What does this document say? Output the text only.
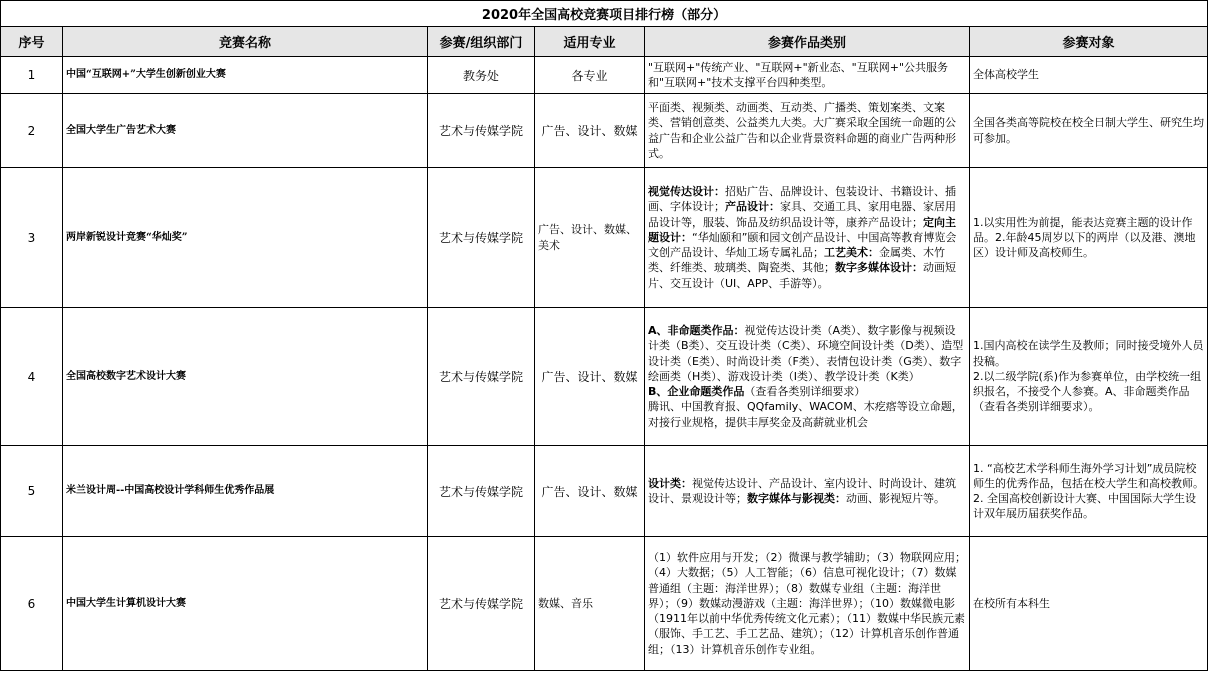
2020年全国高校竞赛项目排行榜（部分）					
序号	竞赛名称	参赛/组织部门	适用专业	参赛作品类别	参赛对象
1	中国“互联网+”大学生创新创业大赛	教务处	各专业	"互联网+"传统产业、"互联网+"新业态、"互联网+"公共服务和"互联网+"技术支撑平台四种类型。	全体高校学生
2	全国大学生广告艺术大赛	艺术与传媒学院	广告、设计、数媒	平面类、视频类、动画类、互动类、广播类、策划案类、文案类、营销创意类、公益类九大类。大广赛采取全国统一命题的公益广告和企业公益广告和以企业背景资料命题的商业广告两种形式。	全国各类高等院校在校全日制大学生、研究生均可参加。
3	两岸新锐设计竞赛“华灿奖”	艺术与传媒学院	广告、设计、数媒、美术	视觉传达设计：招贴广告、品牌设计、包装设计、书籍设计、插画、字体设计；产品设计：家具、交通工具、家用电器、家居用品设计等，服装、饰品及纺织品设计等，康养产品设计；定向主题设计：“华灿颐和”颐和园文创产品设计、中国高等教育博览会文创产品设计、华灿工场专属礼品；工艺美术：金属类、木竹类、纤维类、玻璃类、陶瓷类、其他；数字多媒体设计：动画短片、交互设计（UI、APP、手游等）。	1.以实用性为前提，能表达竞赛主题的设计作品。2.年龄45周岁以下的两岸（以及港、澳地区）设计师及高校师生。
4	全国高校数字艺术设计大赛	艺术与传媒学院	广告、设计、数媒	A、非命题类作品：视觉传达设计类（A类）、数字影像与视频设计类（B类）、交互设计类（C类）、环境空间设计类（D类）、造型设计类（E类）、时尚设计类（F类）、表情包设计类（G类）、数字绘画类（H类）、游戏设计类（I类）、教学设计类（K类）
B、企业命题类作品（查看各类别详细要求）
腾讯、中国教育报、QQfamily、WACOM、木疙瘩等设立命题，对接行业规格，提供丰厚奖金及高薪就业机会	1.国内高校在读学生及教师；同时接受境外人员投稿。
2.以二级学院(系)作为参赛单位，由学校统一组织报名，不接受个人参赛。A、非命题类作品（查看各类别详细要求）。

5	米兰设计周--中国高校设计学科师生优秀作品展	艺术与传媒学院	广告、设计、数媒	设计类：视觉传达设计、产品设计、室内设计、时尚设计、建筑设计、景观设计等；数字媒体与影视类：动画、影视短片等。	1. “高校艺术学科师生海外学习计划”成员院校师生的优秀作品，包括在校大学生和高校教师。
2. 全国高校创新设计大赛、中国国际大学生设计双年展历届获奖作品。

6	中国大学生计算机设计大赛	艺术与传媒学院	数媒、音乐	（1）软件应用与开发；（2）微课与教学辅助；（3）物联网应用；（4）大数据；（5）人工智能；（6）信息可视化设计；（7）数媒普通组（主题：海洋世界）；（8）数媒专业组（主题：海洋世界）；（9）数媒动漫游戏（主题：海洋世界）；（10）数媒微电影（1911年以前中华优秀传统文化元素）；（11）数媒中华民族元素（服饰、手工艺、手工艺品、建筑）；（12）计算机音乐创作普通组；（13）计算机音乐创作专业组。	在校所有本科生
